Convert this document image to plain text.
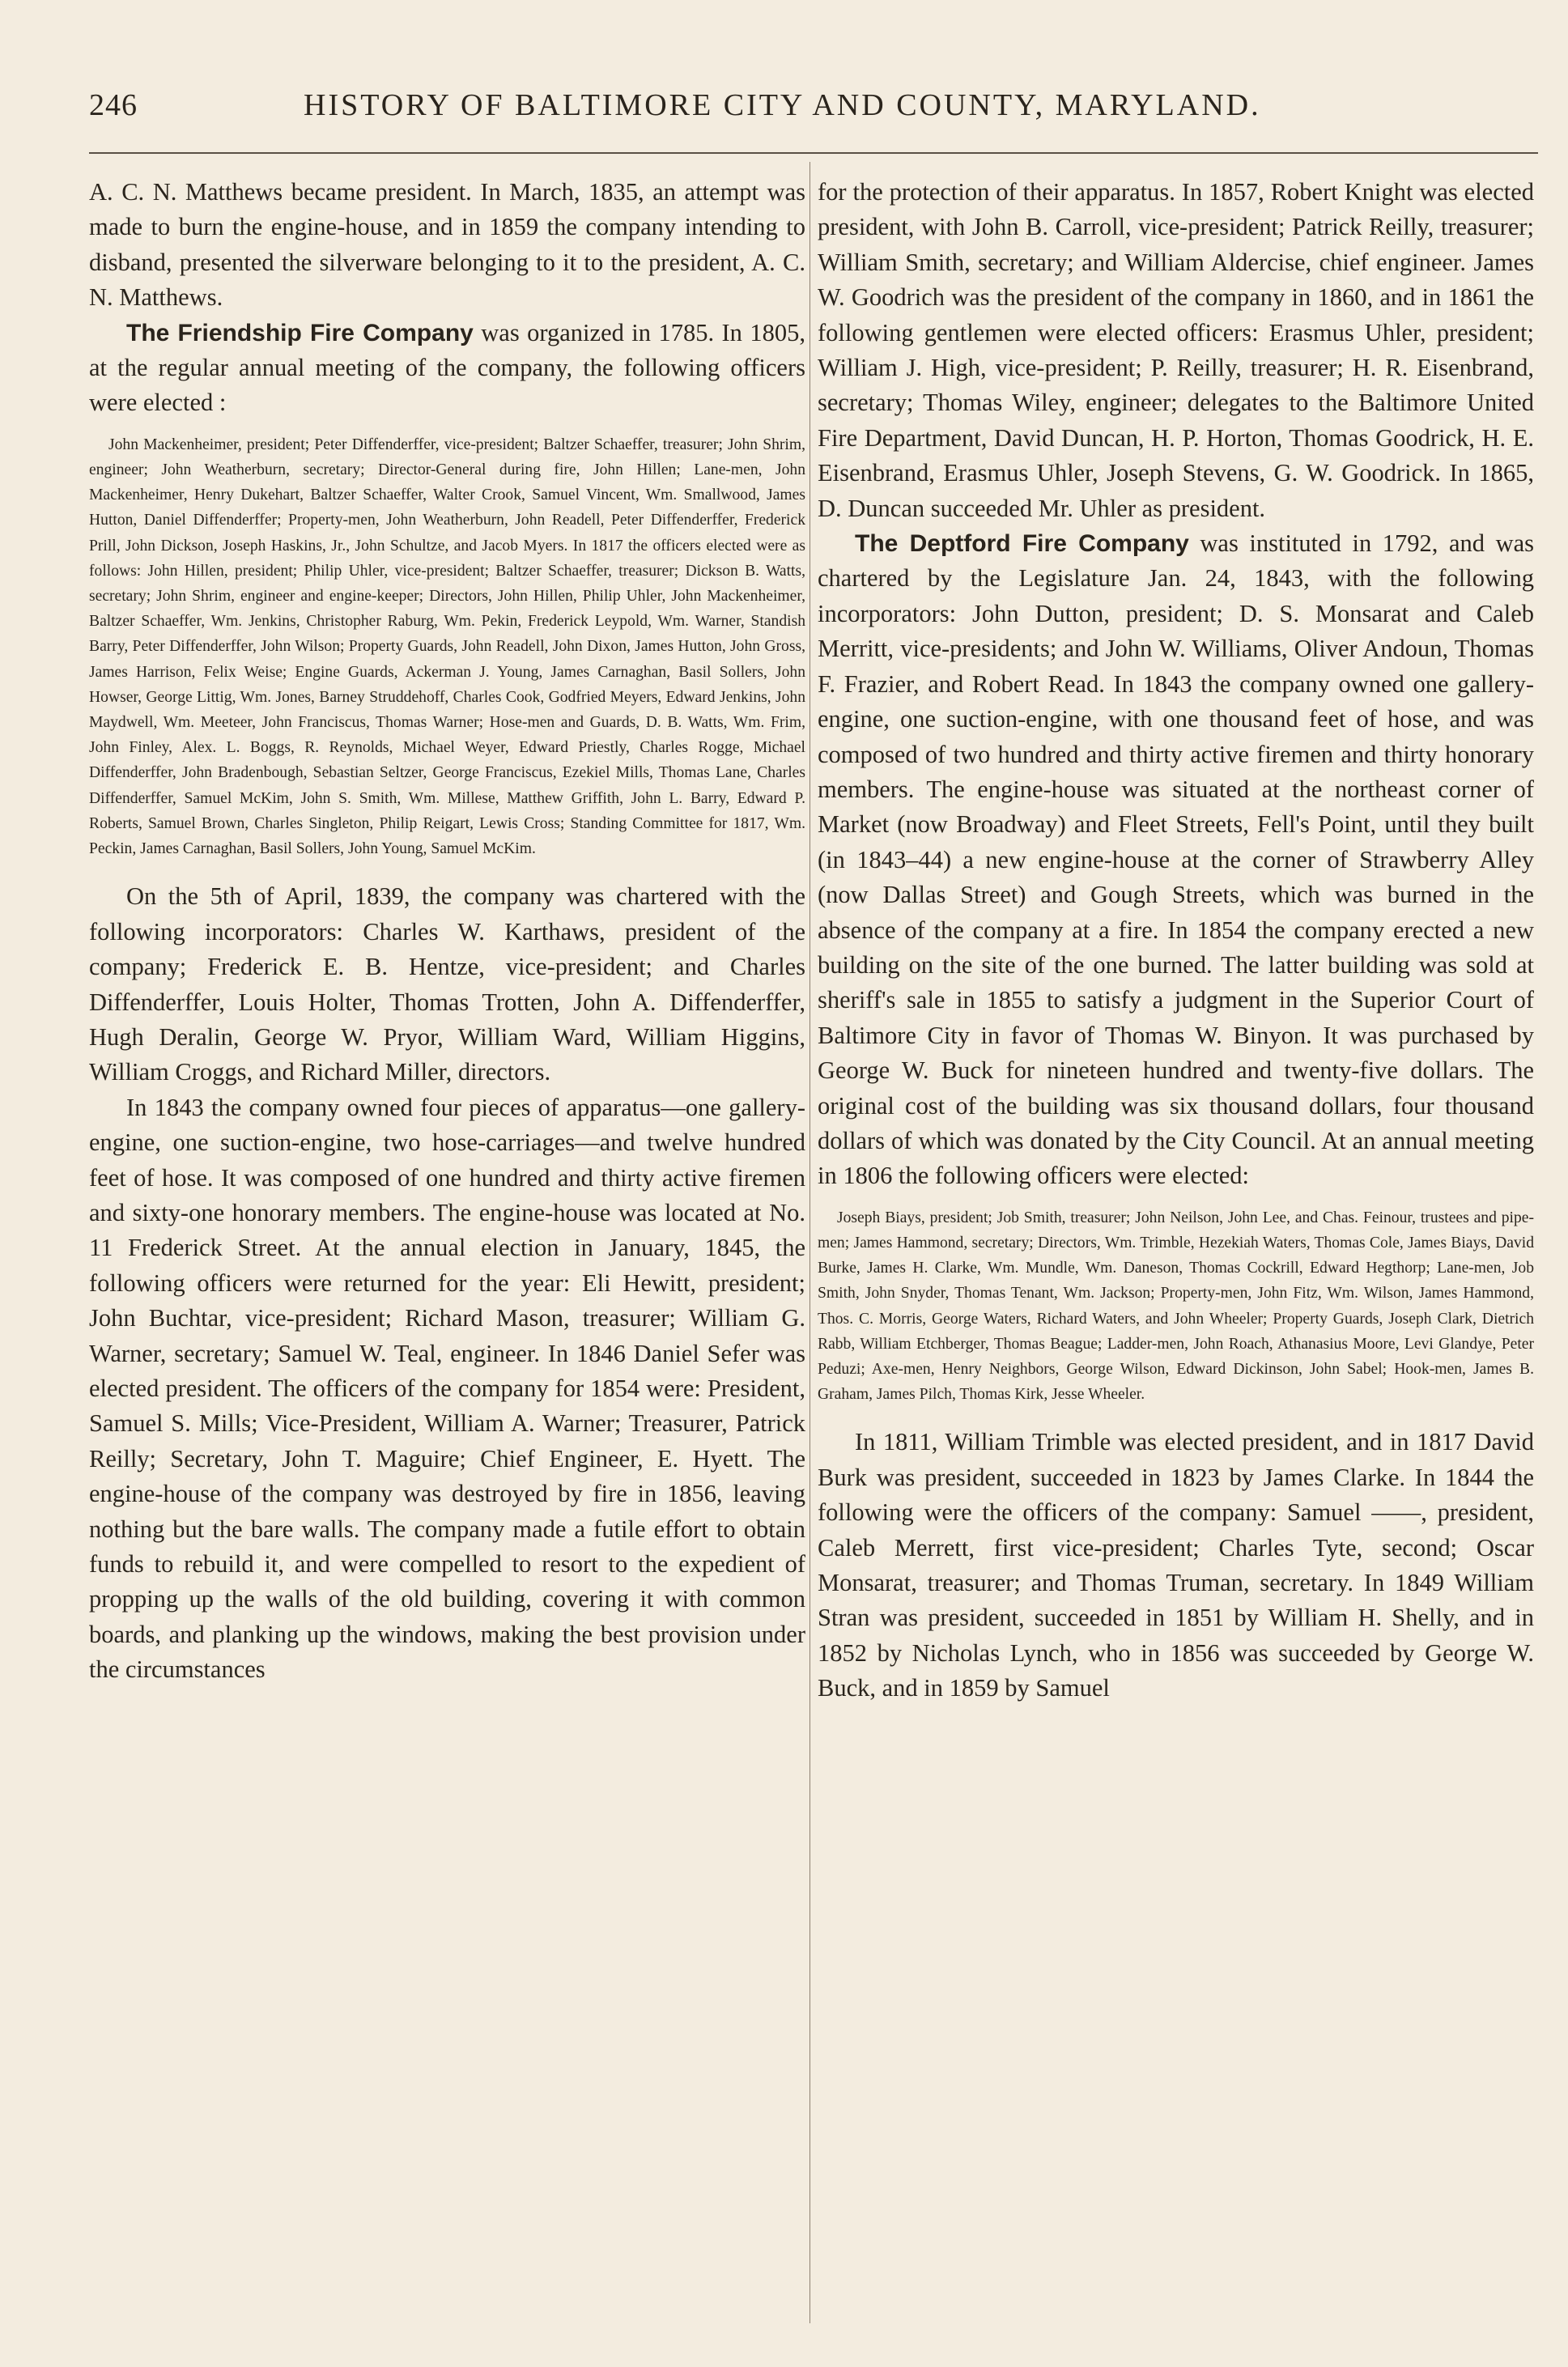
246	HISTORY OF BALTIMORE CITY AND COUNTY, MARYLAND.

A. C. N. Matthews became president. In March, 1835, an attempt was made to burn the engine-house, and in 1859 the company intending to disband, presented the silverware belonging to it to the president, A. C. N. Matthews.

The Friendship Fire Company was organized in 1785. In 1805, at the regular annual meeting of the company, the following officers were elected :

John Mackenheimer, president; Peter Diffenderffer, vice-president; Baltzer Schaeffer, treasurer; John Shrim, engineer; John Weatherburn, secretary; Director-General during fire, John Hillen; Lane-men, John Mackenheimer, Henry Dukehart, Baltzer Schaeffer, Walter Crook, Samuel Vincent, Wm. Smallwood, James Hutton, Daniel Diffenderffer; Property-men, John Weatherburn, John Readell, Peter Diffenderffer, Frederick Prill, John Dickson, Joseph Haskins, Jr., John Schultze, and Jacob Myers. In 1817 the officers elected were as follows: John Hillen, president; Philip Uhler, vice-president; Baltzer Schaeffer, treasurer; Dickson B. Watts, secretary; John Shrim, engineer and engine-keeper; Directors, John Hillen, Philip Uhler, John Mackenheimer, Baltzer Schaeffer, Wm. Jenkins, Christopher Raburg, Wm. Pekin, Frederick Leypold, Wm. Warner, Standish Barry, Peter Diffenderffer, John Wilson; Property Guards, John Readell, John Dixon, James Hutton, John Gross, James Harrison, Felix Weise; Engine Guards, Ackerman J. Young, James Carnaghan, Basil Sollers, John Howser, George Littig, Wm. Jones, Barney Struddehoff, Charles Cook, Godfried Meyers, Edward Jenkins, John Maydwell, Wm. Meeteer, John Franciscus, Thomas Warner; Hose-men and Guards, D. B. Watts, Wm. Frim, John Finley, Alex. L. Boggs, R. Reynolds, Michael Weyer, Edward Priestly, Charles Rogge, Michael Diffenderffer, John Bradenbough, Sebastian Seltzer, George Franciscus, Ezekiel Mills, Thomas Lane, Charles Diffenderffer, Samuel McKim, John S. Smith, Wm. Millese, Matthew Griffith, John L. Barry, Edward P. Roberts, Samuel Brown, Charles Singleton, Philip Reigart, Lewis Cross; Standing Committee for 1817, Wm. Peckin, James Carnaghan, Basil Sollers, John Young, Samuel McKim.

On the 5th of April, 1839, the company was chartered with the following incorporators: Charles W. Karthaws, president of the company; Frederick E. B. Hentze, vice-president; and Charles Diffenderffer, Louis Holter, Thomas Trotten, John A. Diffenderffer, Hugh Deralin, George W. Pryor, William Ward, William Higgins, William Croggs, and Richard Miller, directors.

In 1843 the company owned four pieces of apparatus—one gallery-engine, one suction-engine, two hose-carriages—and twelve hundred feet of hose. It was composed of one hundred and thirty active firemen and sixty-one honorary members. The engine-house was located at No. 11 Frederick Street. At the annual election in January, 1845, the following officers were returned for the year: Eli Hewitt, president; John Buchtar, vice-president; Richard Mason, treasurer; William G. Warner, secretary; Samuel W. Teal, engineer. In 1846 Daniel Sefer was elected president. The officers of the company for 1854 were: President, Samuel S. Mills; Vice-President, William A. Warner; Treasurer, Patrick Reilly; Secretary, John T. Maguire; Chief Engineer, E. Hyett. The engine-house of the company was destroyed by fire in 1856, leaving nothing but the bare walls. The company made a futile effort to obtain funds to rebuild it, and were compelled to resort to the expedient of propping up the walls of the old building, covering it with common boards, and planking up the windows, making the best provision under the circumstances

for the protection of their apparatus. In 1857, Robert Knight was elected president, with John B. Carroll, vice-president; Patrick Reilly, treasurer; William Smith, secretary; and William Aldercise, chief engineer. James W. Goodrich was the president of the company in 1860, and in 1861 the following gentlemen were elected officers: Erasmus Uhler, president; William J. High, vice-president; P. Reilly, treasurer; H. R. Eisenbrand, secretary; Thomas Wiley, engineer; delegates to the Baltimore United Fire Department, David Duncan, H. P. Horton, Thomas Goodrick, H. E. Eisenbrand, Erasmus Uhler, Joseph Stevens, G. W. Goodrick. In 1865, D. Duncan succeeded Mr. Uhler as president.

The Deptford Fire Company was instituted in 1792, and was chartered by the Legislature Jan. 24, 1843, with the following incorporators: John Dutton, president; D. S. Monsarat and Caleb Merritt, vice-presidents; and John W. Williams, Oliver Andoun, Thomas F. Frazier, and Robert Read. In 1843 the company owned one gallery-engine, one suction-engine, with one thousand feet of hose, and was composed of two hundred and thirty active firemen and thirty honorary members. The engine-house was situated at the northeast corner of Market (now Broadway) and Fleet Streets, Fell's Point, until they built (in 1843–44) a new engine-house at the corner of Strawberry Alley (now Dallas Street) and Gough Streets, which was burned in the absence of the company at a fire. In 1854 the company erected a new building on the site of the one burned. The latter building was sold at sheriff's sale in 1855 to satisfy a judgment in the Superior Court of Baltimore City in favor of Thomas W. Binyon. It was purchased by George W. Buck for nineteen hundred and twenty-five dollars. The original cost of the building was six thousand dollars, four thousand dollars of which was donated by the City Council. At an annual meeting in 1806 the following officers were elected:

Joseph Biays, president; Job Smith, treasurer; John Neilson, John Lee, and Chas. Feinour, trustees and pipe-men; James Hammond, secretary; Directors, Wm. Trimble, Hezekiah Waters, Thomas Cole, James Biays, David Burke, James H. Clarke, Wm. Mundle, Wm. Daneson, Thomas Cockrill, Edward Hegthorp; Lane-men, Job Smith, John Snyder, Thomas Tenant, Wm. Jackson; Property-men, John Fitz, Wm. Wilson, James Hammond, Thos. C. Morris, George Waters, Richard Waters, and John Wheeler; Property Guards, Joseph Clark, Dietrich Rabb, William Etchberger, Thomas Beague; Ladder-men, John Roach, Athanasius Moore, Levi Glandye, Peter Peduzi; Axe-men, Henry Neighbors, George Wilson, Edward Dickinson, John Sabel; Hook-men, James B. Graham, James Pilch, Thomas Kirk, Jesse Wheeler.

In 1811, William Trimble was elected president, and in 1817 David Burk was president, succeeded in 1823 by James Clarke. In 1844 the following were the officers of the company: Samuel ——, president, Caleb Merrett, first vice-president; Charles Tyte, second; Oscar Monsarat, treasurer; and Thomas Truman, secretary. In 1849 William Stran was president, succeeded in 1851 by William H. Shelly, and in 1852 by Nicholas Lynch, who in 1856 was succeeded by George W. Buck, and in 1859 by Samuel
